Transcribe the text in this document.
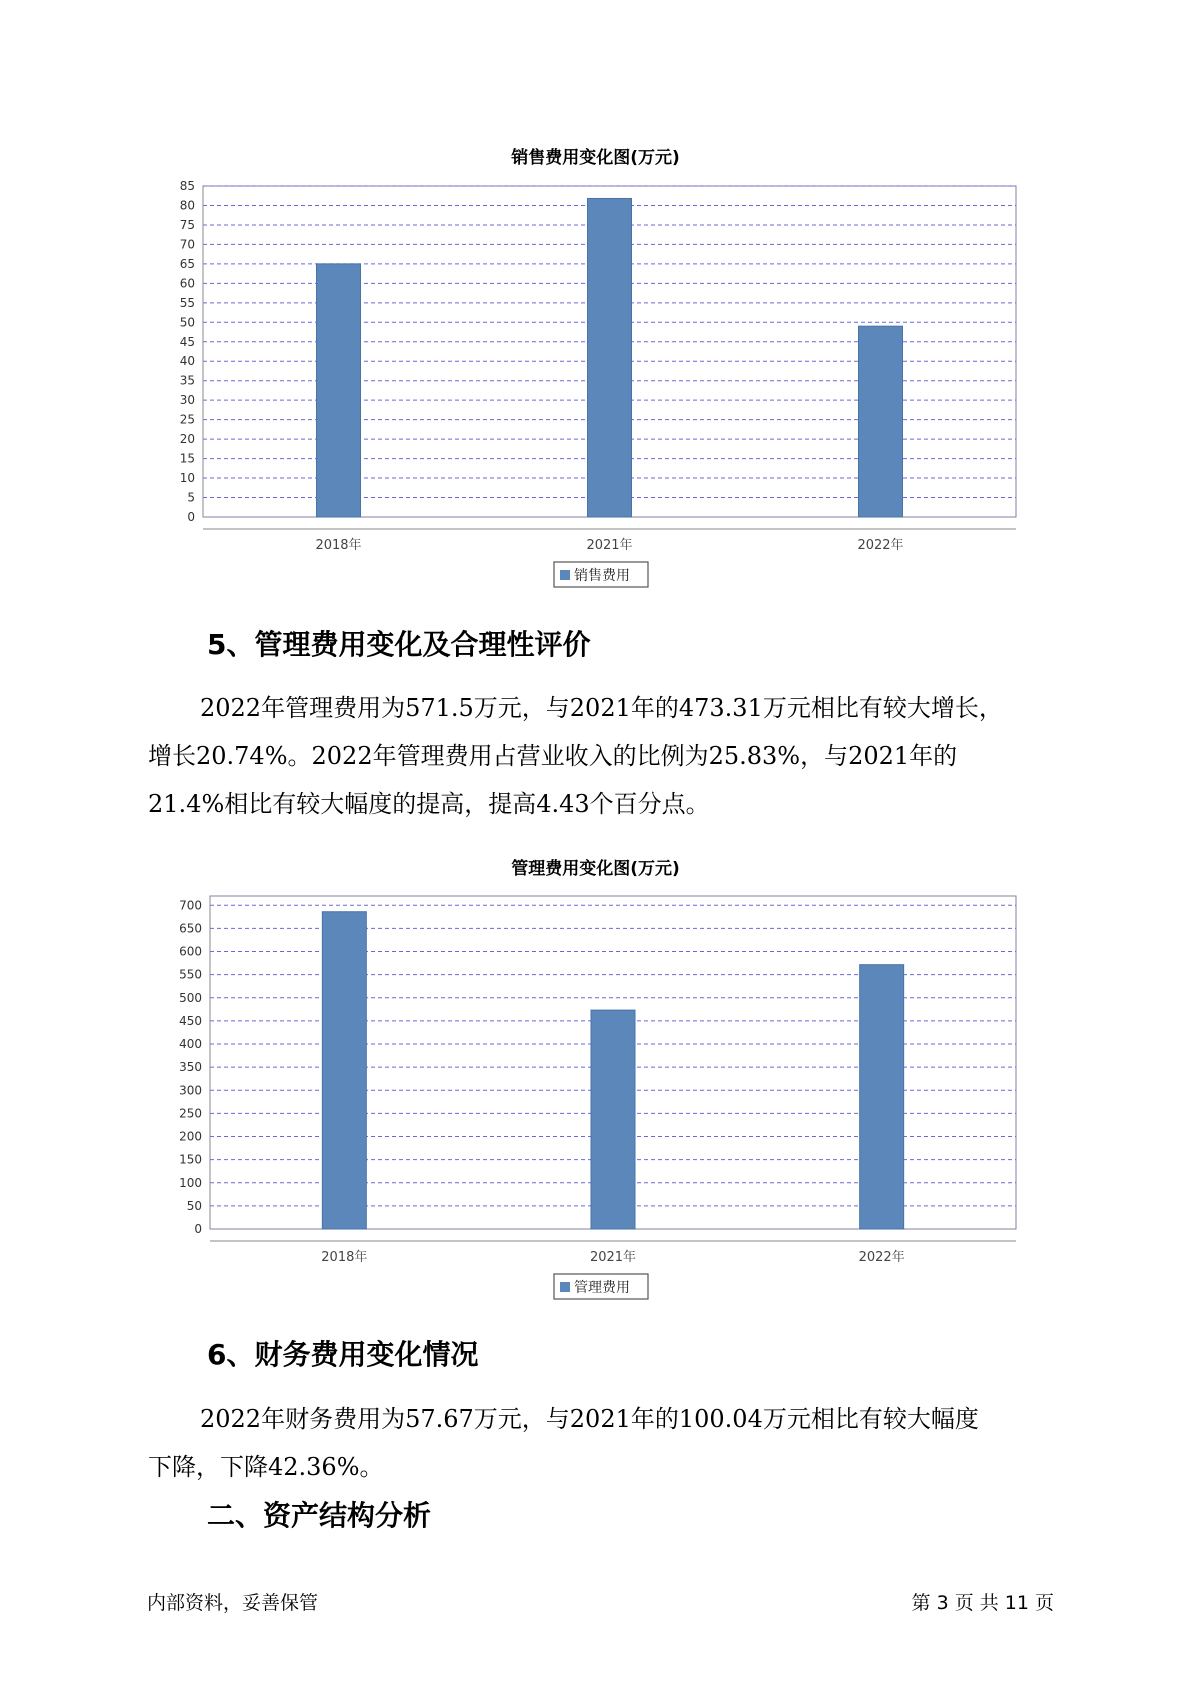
销售费用变化图(万元)
0
5
10
15
20
25
30
35
40
45
50
55
60
65
70
75
80
85
2018年	2021年	2022年
销售费用
5、管理费用变化及合理性评价
2022年管理费用为571.5万元，与2021年的473.31万元相比有较大增长，
增长20.74%。2022年管理费用占营业收入的比例为25.83%，与2021年的
21.4%相比有较大幅度的提高，提高4.43个百分点。
管理费用变化图(万元)
0
50
100
150
200
250
300
350
400
450
500
550
600
650
700
2018年	2021年	2022年
管理费用
6、财务费用变化情况
2022年财务费用为57.67万元，与2021年的100.04万元相比有较大幅度
下降，下降42.36%。
二、资产结构分析
内部资料，妥善保管	第 3 页 共 11 页
